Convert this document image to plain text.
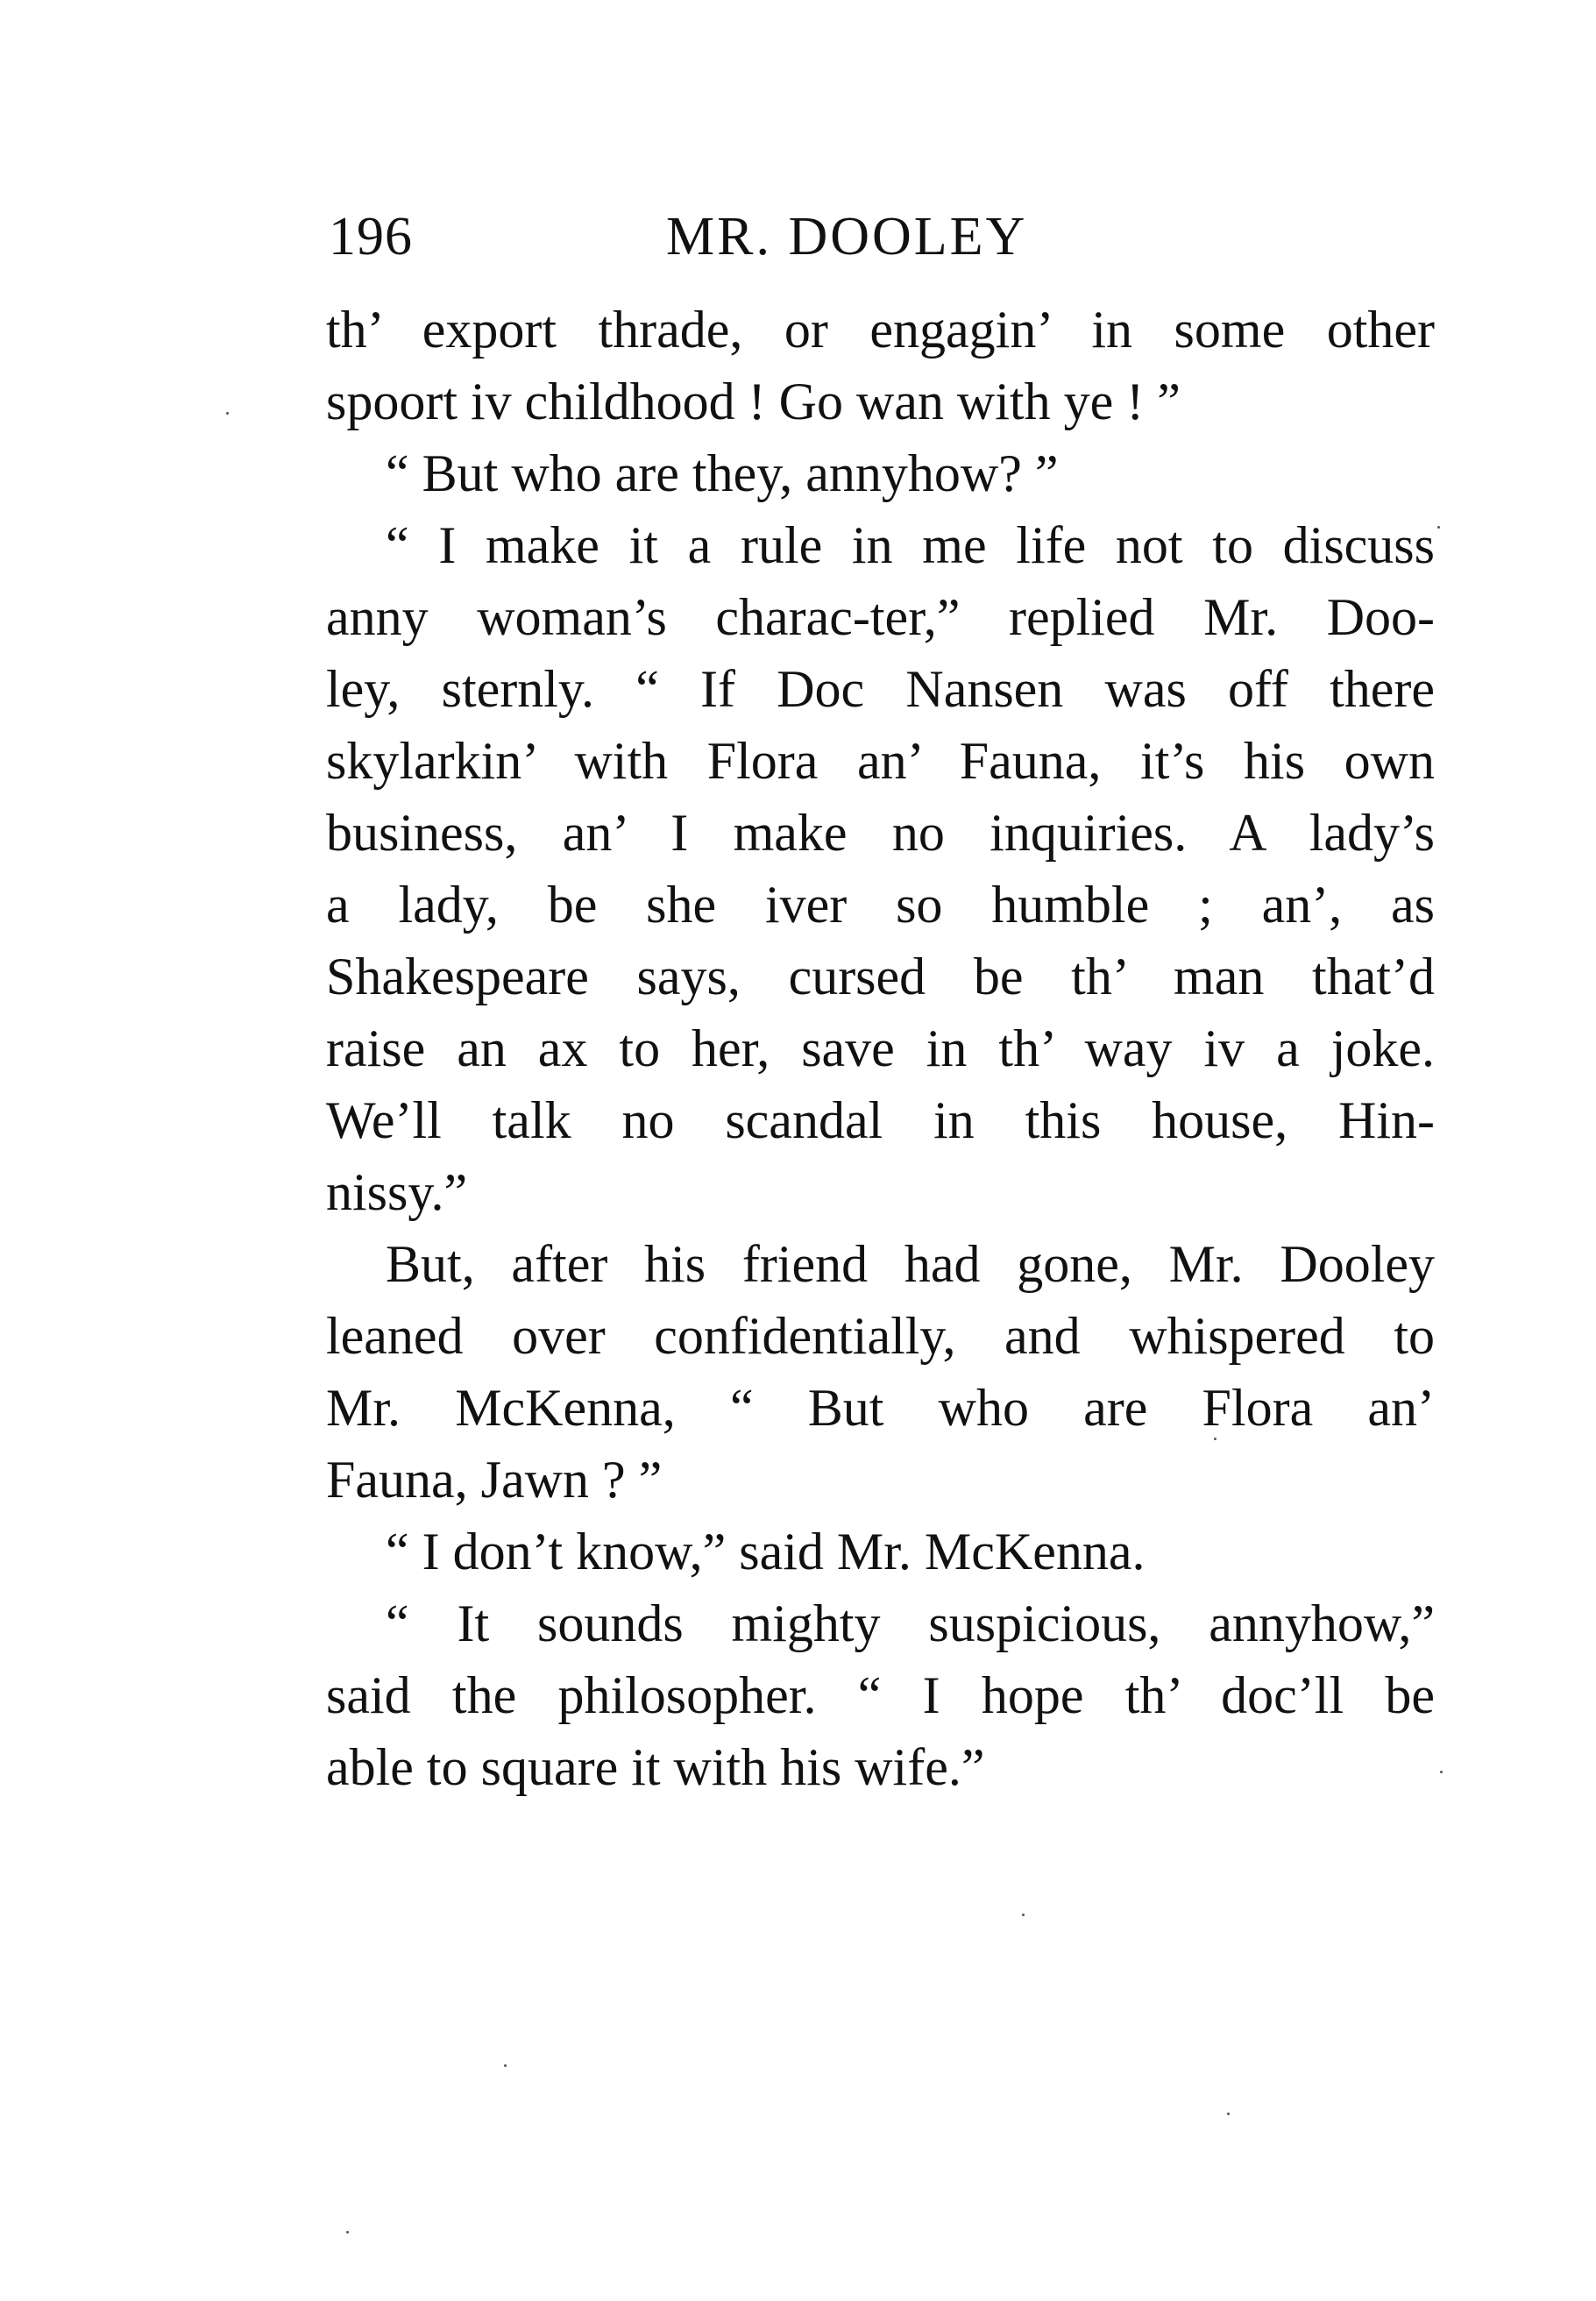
196	MR. DOOLEY
th’ export thrade, or engagin’ in some other
spoort iv childhood ! Go wan with ye ! ”
“ But who are they, annyhow? ”
“ I make it a rule in me life not to discuss
anny woman’s charac-ter,” replied Mr. Doo-
ley, sternly. “ If Doc Nansen was off there
skylarkin’ with Flora an’ Fauna, it’s his own
business, an’ I make no inquiries. A lady’s
a lady, be she iver so humble ; an’, as
Shakespeare says, cursed be th’ man that’d
raise an ax to her, save in th’ way iv a joke.
We’ll talk no scandal in this house, Hin-
nissy.”
But, after his friend had gone, Mr. Dooley
leaned over confidentially, and whispered to
Mr. McKenna, “ But who are Flora an’
Fauna, Jawn ? ”
“ I don’t know,” said Mr. McKenna.
“ It sounds mighty suspicious, annyhow,”
said the philosopher. “ I hope th’ doc’ll be
able to square it with his wife.”
